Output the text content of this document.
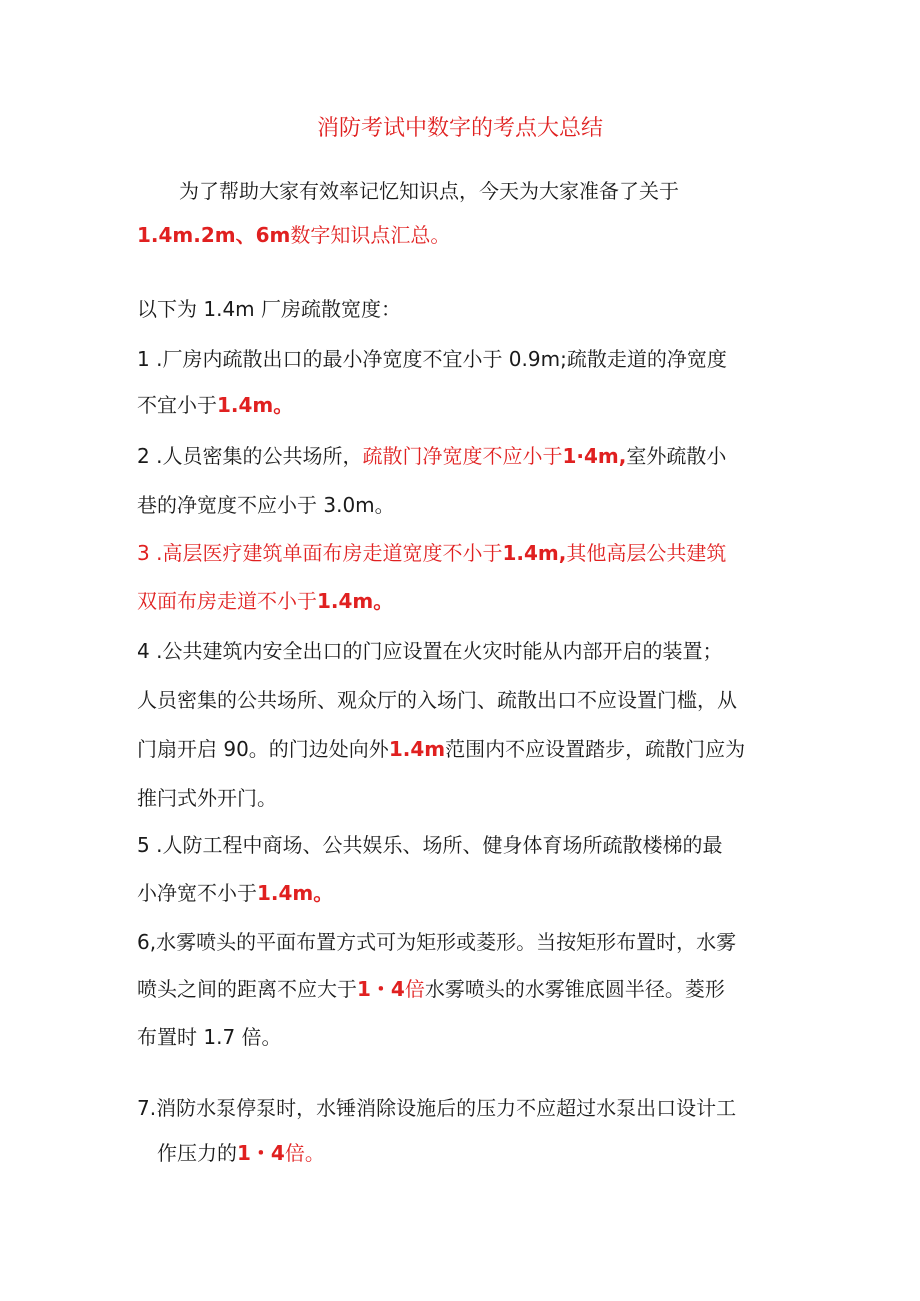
消防考试中数字的考点大总结
为了帮助大家有效率记忆知识点，今天为大家准备了关于
1.4m.2m、6m数字知识点汇总。
以下为 1.4m 厂房疏散宽度：
1 .厂房内疏散出口的最小净宽度不宜小于 0.9m;疏散走道的净宽度
不宜小于1.4m。
2 .人员密集的公共场所，疏散门净宽度不应小于1·4m,室外疏散小
巷的净宽度不应小于 3.0m。
3 .高层医疗建筑单面布房走道宽度不小于1.4m,其他高层公共建筑
双面布房走道不小于1.4m。
4 .公共建筑内安全出口的门应设置在火灾时能从内部开启的装置；
人员密集的公共场所、观众厅的入场门、疏散出口不应设置门槛，从
门扇开启 90。的门边处向外1.4m范围内不应设置踏步，疏散门应为
推闩式外开门。
5 .人防工程中商场、公共娱乐、场所、健身体育场所疏散楼梯的最
小净宽不小于1.4m。
6,水雾喷头的平面布置方式可为矩形或菱形。当按矩形布置时，水雾
喷头之间的距离不应大于1・4倍水雾喷头的水雾锥底圆半径。菱形
布置时 1.7 倍。
7.消防水泵停泵时，水锤消除设施后的压力不应超过水泵出口设计工
作压力的1・4倍。
